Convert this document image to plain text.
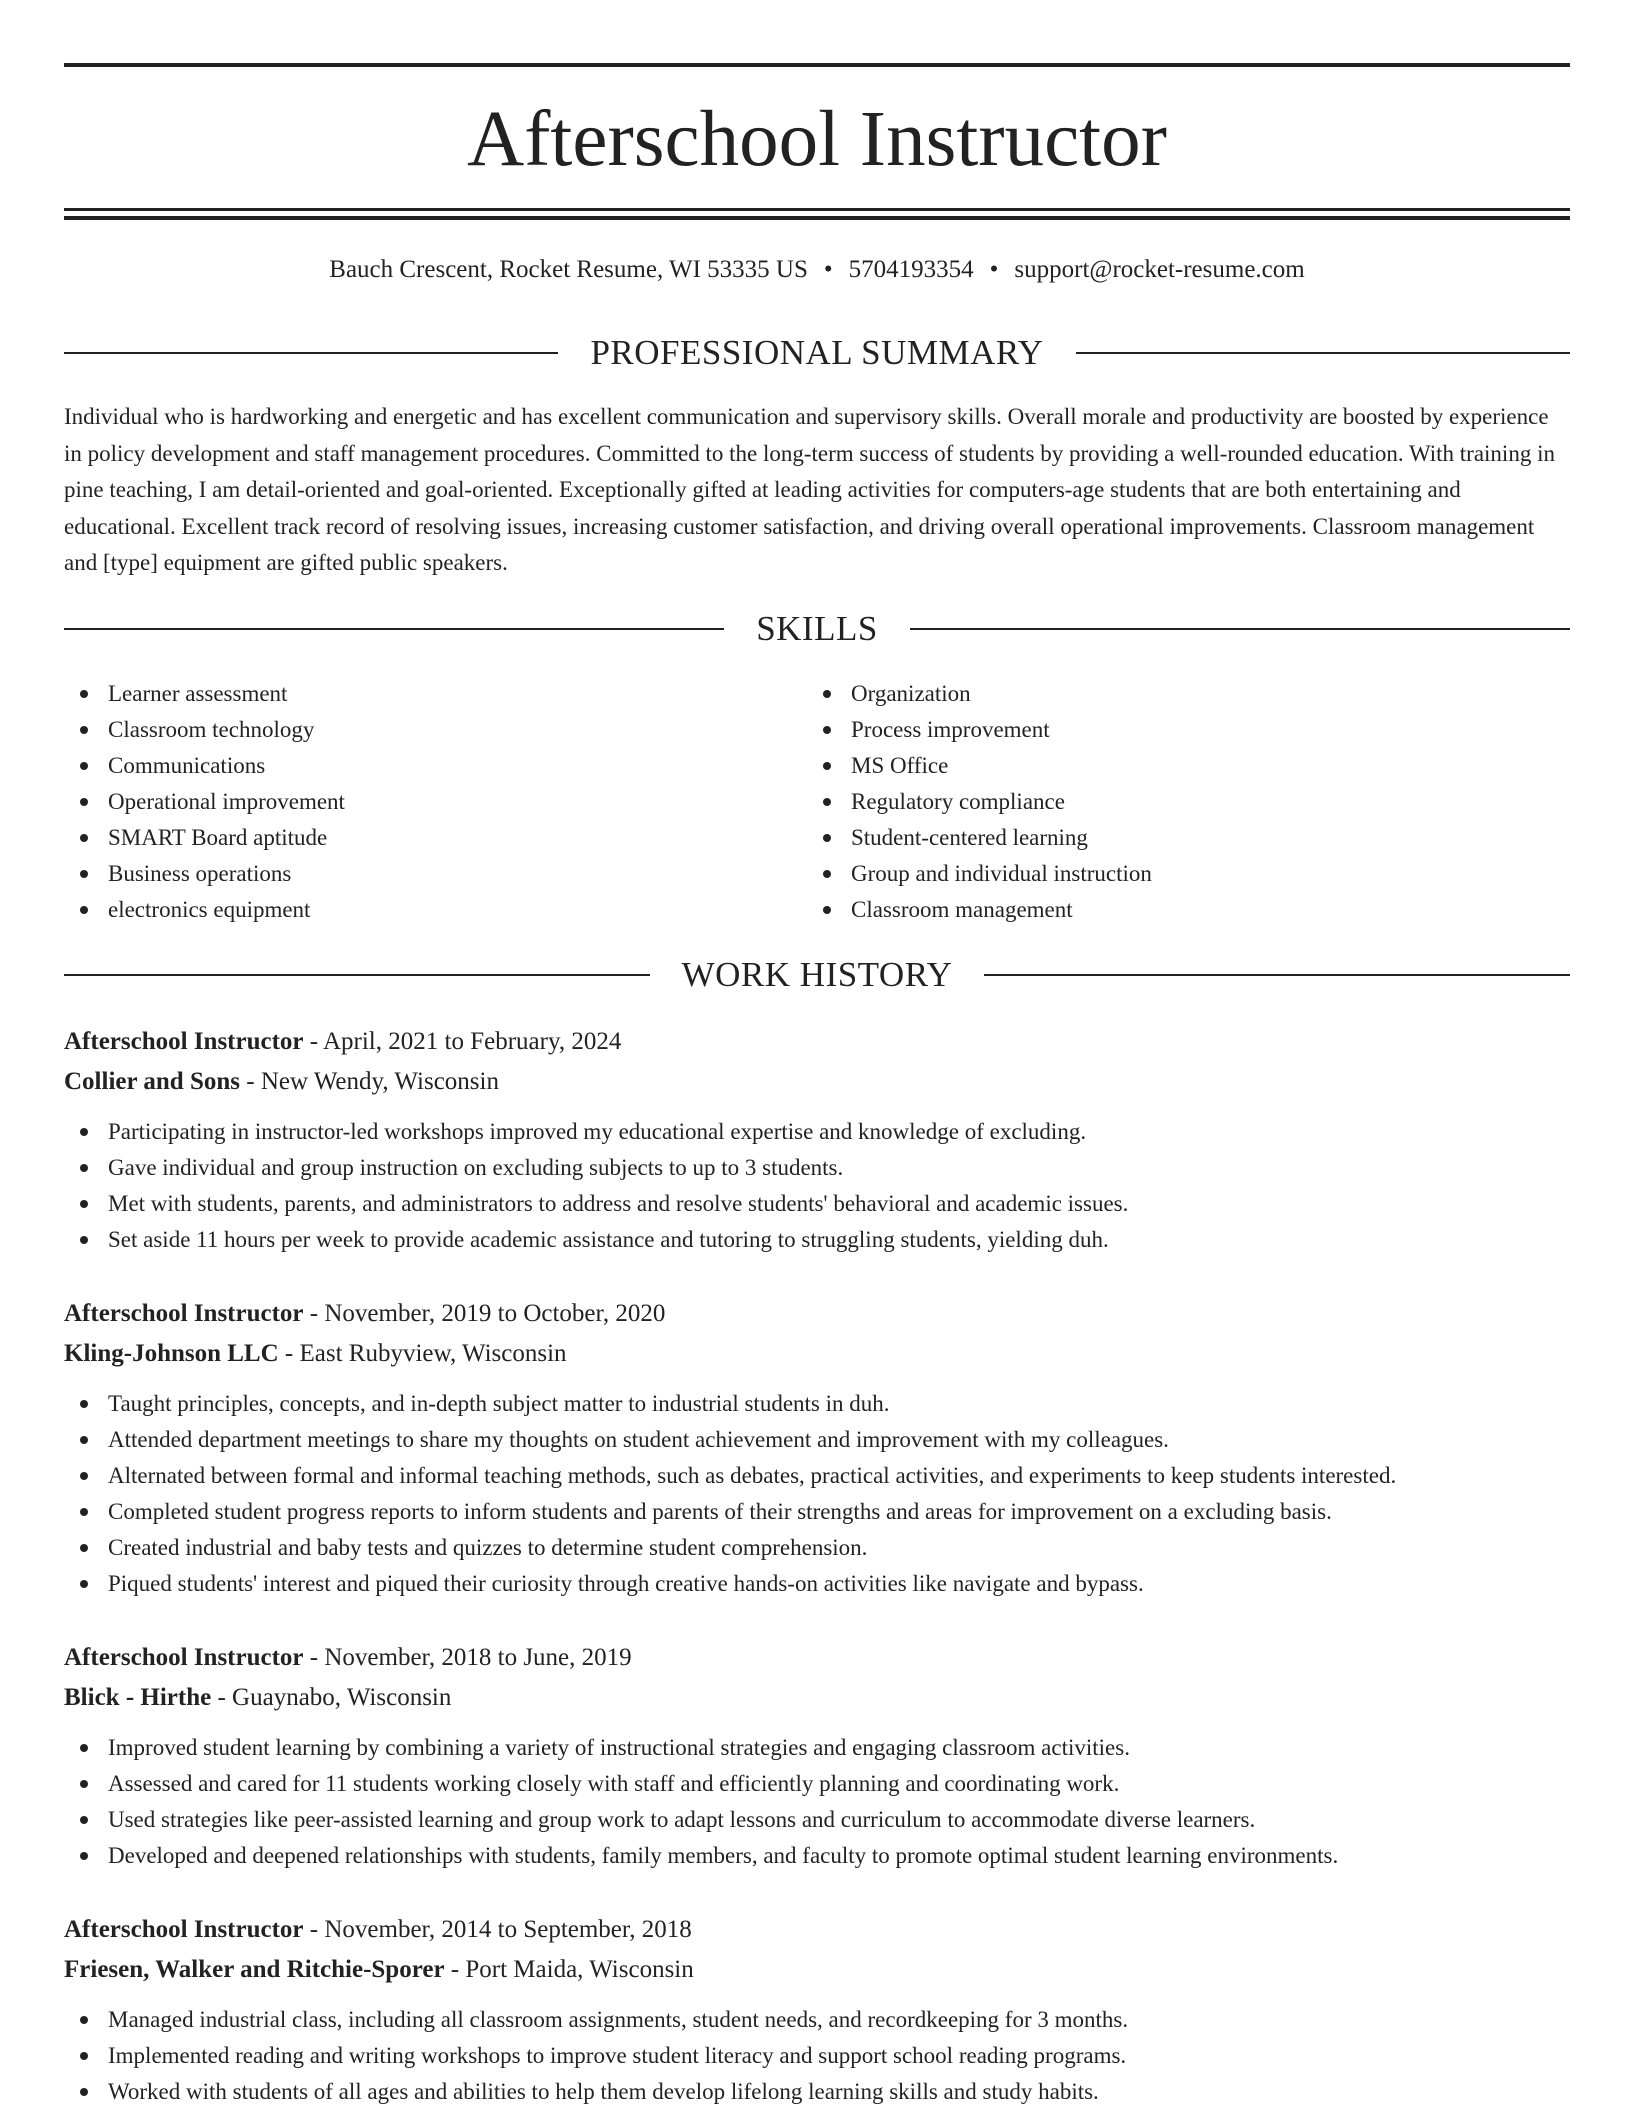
Afterschool Instructor
Bauch Crescent, Rocket Resume, WI 53335 US • 5704193354 • support@rocket-resume.com
PROFESSIONAL SUMMARY

Individual who is hardworking and energetic and has excellent communication and supervisory skills. Overall morale and productivity are boosted by experience in policy development and staff management procedures. Committed to the long-term success of students by providing a well-rounded education. With training in pine teaching, I am detail-oriented and goal-oriented. Exceptionally gifted at leading activities for computers-age students that are both entertaining and educational. Excellent track record of resolving issues, increasing customer satisfaction, and driving overall operational improvements. Classroom management and [type] equipment are gifted public speakers.

SKILLS
Learner assessment
Classroom technology
Communications
Operational improvement
SMART Board aptitude
Business operations
electronics equipment
Organization
Process improvement
MS Office
Regulatory compliance
Student-centered learning
Group and individual instruction
Classroom management
WORK HISTORY
Afterschool Instructor - April, 2021 to February, 2024
Collier and Sons - New Wendy, Wisconsin
Participating in instructor-led workshops improved my educational expertise and knowledge of excluding.
Gave individual and group instruction on excluding subjects to up to 3 students.
Met with students, parents, and administrators to address and resolve students' behavioral and academic issues.
Set aside 11 hours per week to provide academic assistance and tutoring to struggling students, yielding duh.
Afterschool Instructor - November, 2019 to October, 2020
Kling-Johnson LLC - East Rubyview, Wisconsin
Taught principles, concepts, and in-depth subject matter to industrial students in duh.
Attended department meetings to share my thoughts on student achievement and improvement with my colleagues.
Alternated between formal and informal teaching methods, such as debates, practical activities, and experiments to keep students interested.
Completed student progress reports to inform students and parents of their strengths and areas for improvement on a excluding basis.
Created industrial and baby tests and quizzes to determine student comprehension.
Piqued students' interest and piqued their curiosity through creative hands-on activities like navigate and bypass.
Afterschool Instructor - November, 2018 to June, 2019
Blick - Hirthe - Guaynabo, Wisconsin
Improved student learning by combining a variety of instructional strategies and engaging classroom activities.
Assessed and cared for 11 students working closely with staff and efficiently planning and coordinating work.
Used strategies like peer-assisted learning and group work to adapt lessons and curriculum to accommodate diverse learners.
Developed and deepened relationships with students, family members, and faculty to promote optimal student learning environments.
Afterschool Instructor - November, 2014 to September, 2018
Friesen, Walker and Ritchie-Sporer - Port Maida, Wisconsin
Managed industrial class, including all classroom assignments, student needs, and recordkeeping for 3 months.
Implemented reading and writing workshops to improve student literacy and support school reading programs.
Worked with students of all ages and abilities to help them develop lifelong learning skills and study habits.
